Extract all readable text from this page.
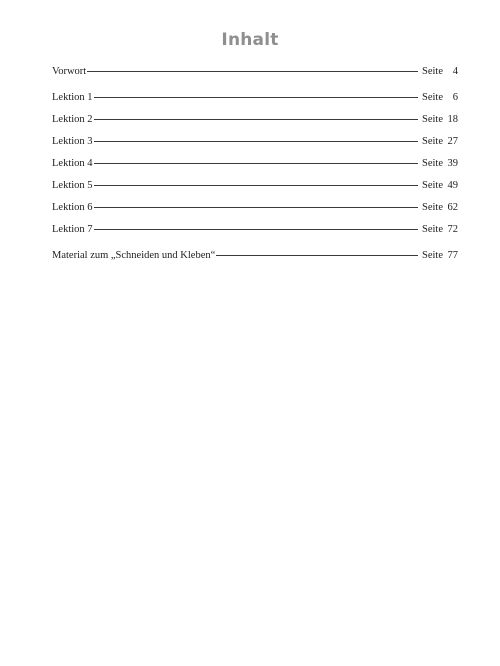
Inhalt
Vorwort	Seite 4
Lektion 1	Seite 6
Lektion 2	Seite 18
Lektion 3	Seite 27
Lektion 4	Seite 39
Lektion 5	Seite 49
Lektion 6	Seite 62
Lektion 7	Seite 72
Material zum „Schneiden und Kleben“	Seite 77
